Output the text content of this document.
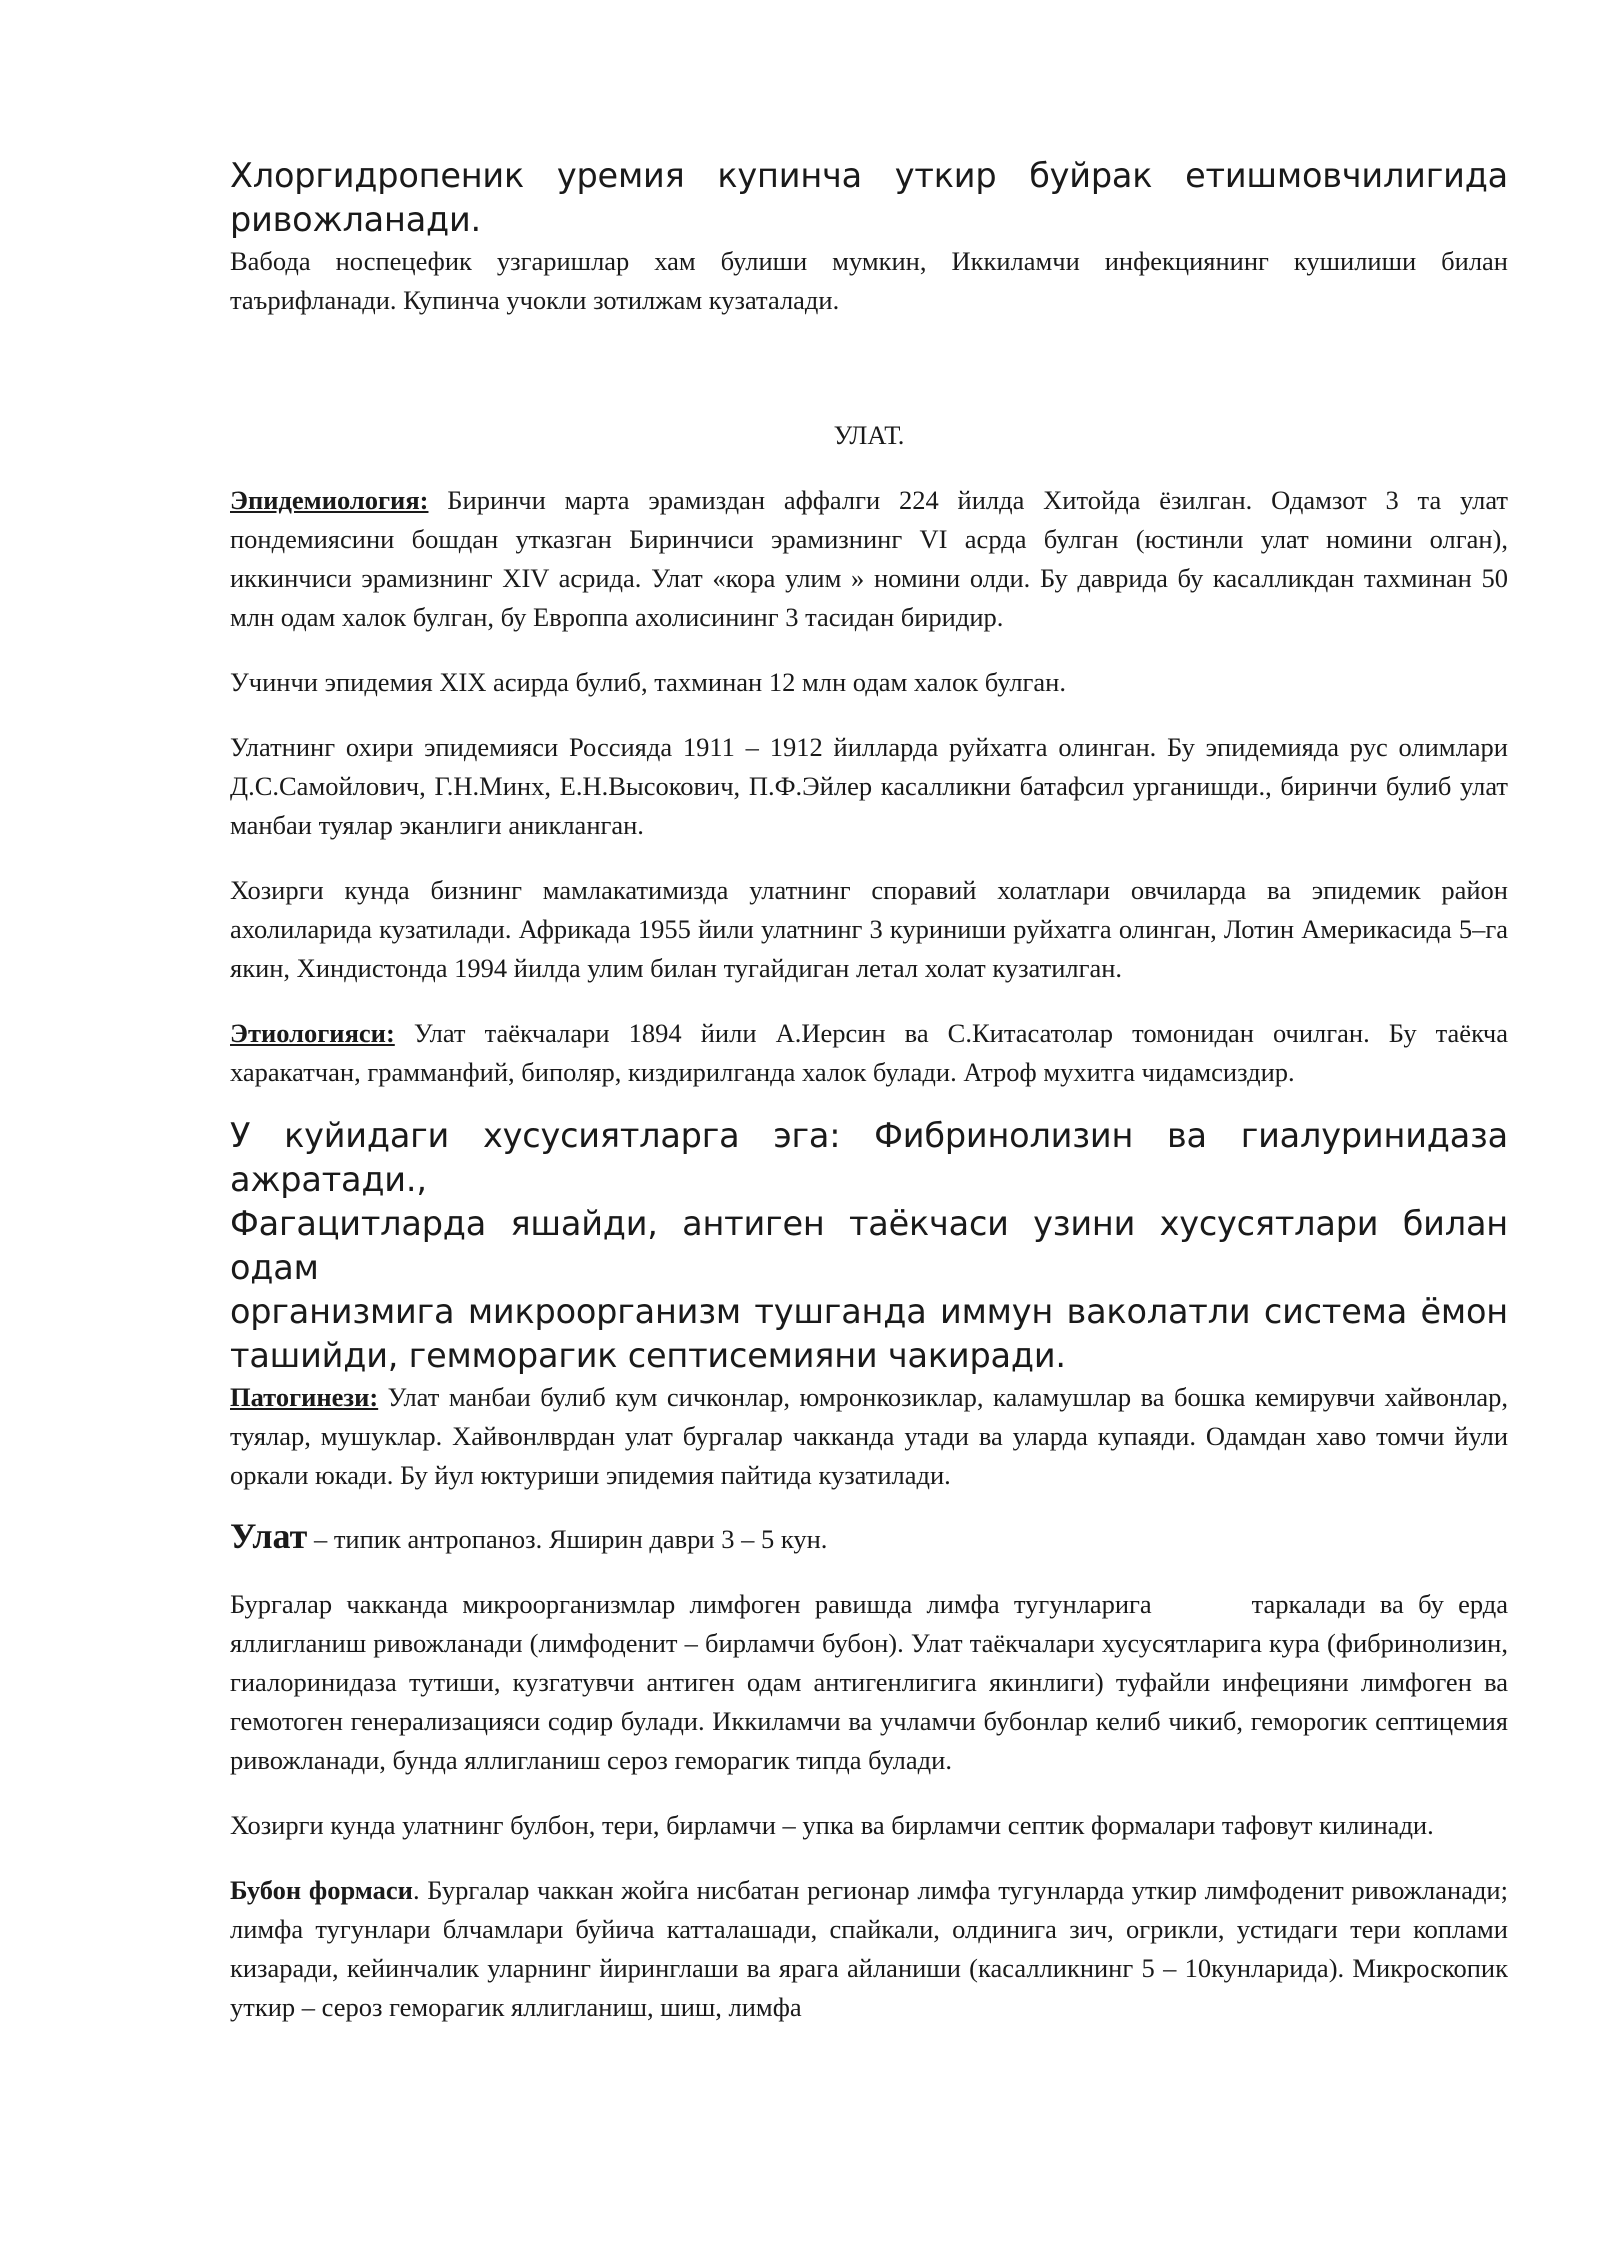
Хлоргидропеник уремия купинча уткир буйрак етишмовчилигида
ривожланади.

Вабода носпецефик узгаришлар хам булиши мумкин, Иккиламчи инфекциянинг кушилиши билан таърифланади. Купинча учокли зотилжам кузаталади.

УЛАТ.

Эпидемиология: Биринчи марта эрамиздан аффалги 224 йилда Хитойда ёзилган. Одамзот 3 та улат пондемиясини бошдан утказган Биринчиси эрамизнинг VI асрда булган (юстинли улат номини олган), иккинчиси эрамизнинг XIV асрида. Улат «кора улим » номини олди. Бу даврида бу касалликдан тахминан 50 млн одам халок булган, бу Европпа ахолисининг 3 тасидан биридир.

Учинчи эпидемия XIX асирда булиб, тахминан 12 млн одам халок булган.

Улатнинг охири эпидемияси Россияда 1911 – 1912 йилларда руйхатга олинган. Бу эпидемияда рус олимлари Д.С.Самойлович, Г.Н.Минх, Е.Н.Высокович, П.Ф.Эйлер касалликни батафсил урганишди., биринчи булиб улат манбаи туялар эканлиги аникланган.

Хозирги кунда бизнинг мамлакатимизда улатнинг споравий холатлари овчиларда ва эпидемик район ахолиларида кузатилади. Африкада 1955 йили улатнинг 3 куриниши руйхатга олинган, Лотин Америкасида 5–га якин, Хиндистонда 1994 йилда улим билан тугайдиган летал холат кузатилган.

Этиологияси: Улат таёкчалари 1894 йили А.Иерсин ва С.Китасатолар томонидан очилган. Бу таёкча харакатчан, грамманфий, биполяр, киздирилганда халок булади. Атроф мухитга чидамсиздир.

У куйидаги хусусиятларга эга: Фибринолизин ва гиалуринидаза ажратади.,
Фагацитларда яшайди, антиген таёкчаси узини хусусятлари билан одам
организмига микроорганизм тушганда иммун ваколатли система ёмон
ташийди, гемморагик септисемияни чакиради.

Патогинези: Улат манбаи булиб кум сичконлар, юмронкозиклар, каламушлар ва бошка кемирувчи хайвонлар, туялар, мушуклар. Хайвонлврдан улат бургалар чакканда утади ва уларда купаяди. Одамдан хаво томчи йули оркали юкади. Бу йул юктуриши эпидемия пайтида кузатилади.

Улат – типик антропаноз. Яширин даври 3 – 5 кун.

Бургалар чакканда микроорганизмлар лимфоген равишда лимфа тугунларига       таркалади ва бу ерда яллигланиш ривожланади (лимфоденит – бирламчи бубон). Улат таёкчалари хусусятларига кура (фибринолизин, гиалоринидаза тутиши, кузгатувчи антиген одам антигенлигига якинлиги) туфайли инфецияни лимфоген ва гемотоген генерализацияси содир булади. Иккиламчи ва учламчи бубонлар келиб чикиб, геморогик септицемия ривожланади, бунда яллигланиш сероз геморагик типда булади.

Хозирги кунда улатнинг булбон, тери, бирламчи – упка ва бирламчи септик формалари тафовут килинади.

Бубон формаси. Бургалар чаккан жойга нисбатан регионар лимфа тугунларда уткир лимфоденит ривожланади; лимфа тугунлари блчамлари буйича катталашади, спайкали, олдинига зич, огрикли, устидаги тери коплами кизаради, кейинчалик уларнинг йиринглаши ва ярага айланиши (касалликнинг 5 – 10кунларида). Микроскопик уткир – сероз геморагик яллигланиш, шиш, лимфа
